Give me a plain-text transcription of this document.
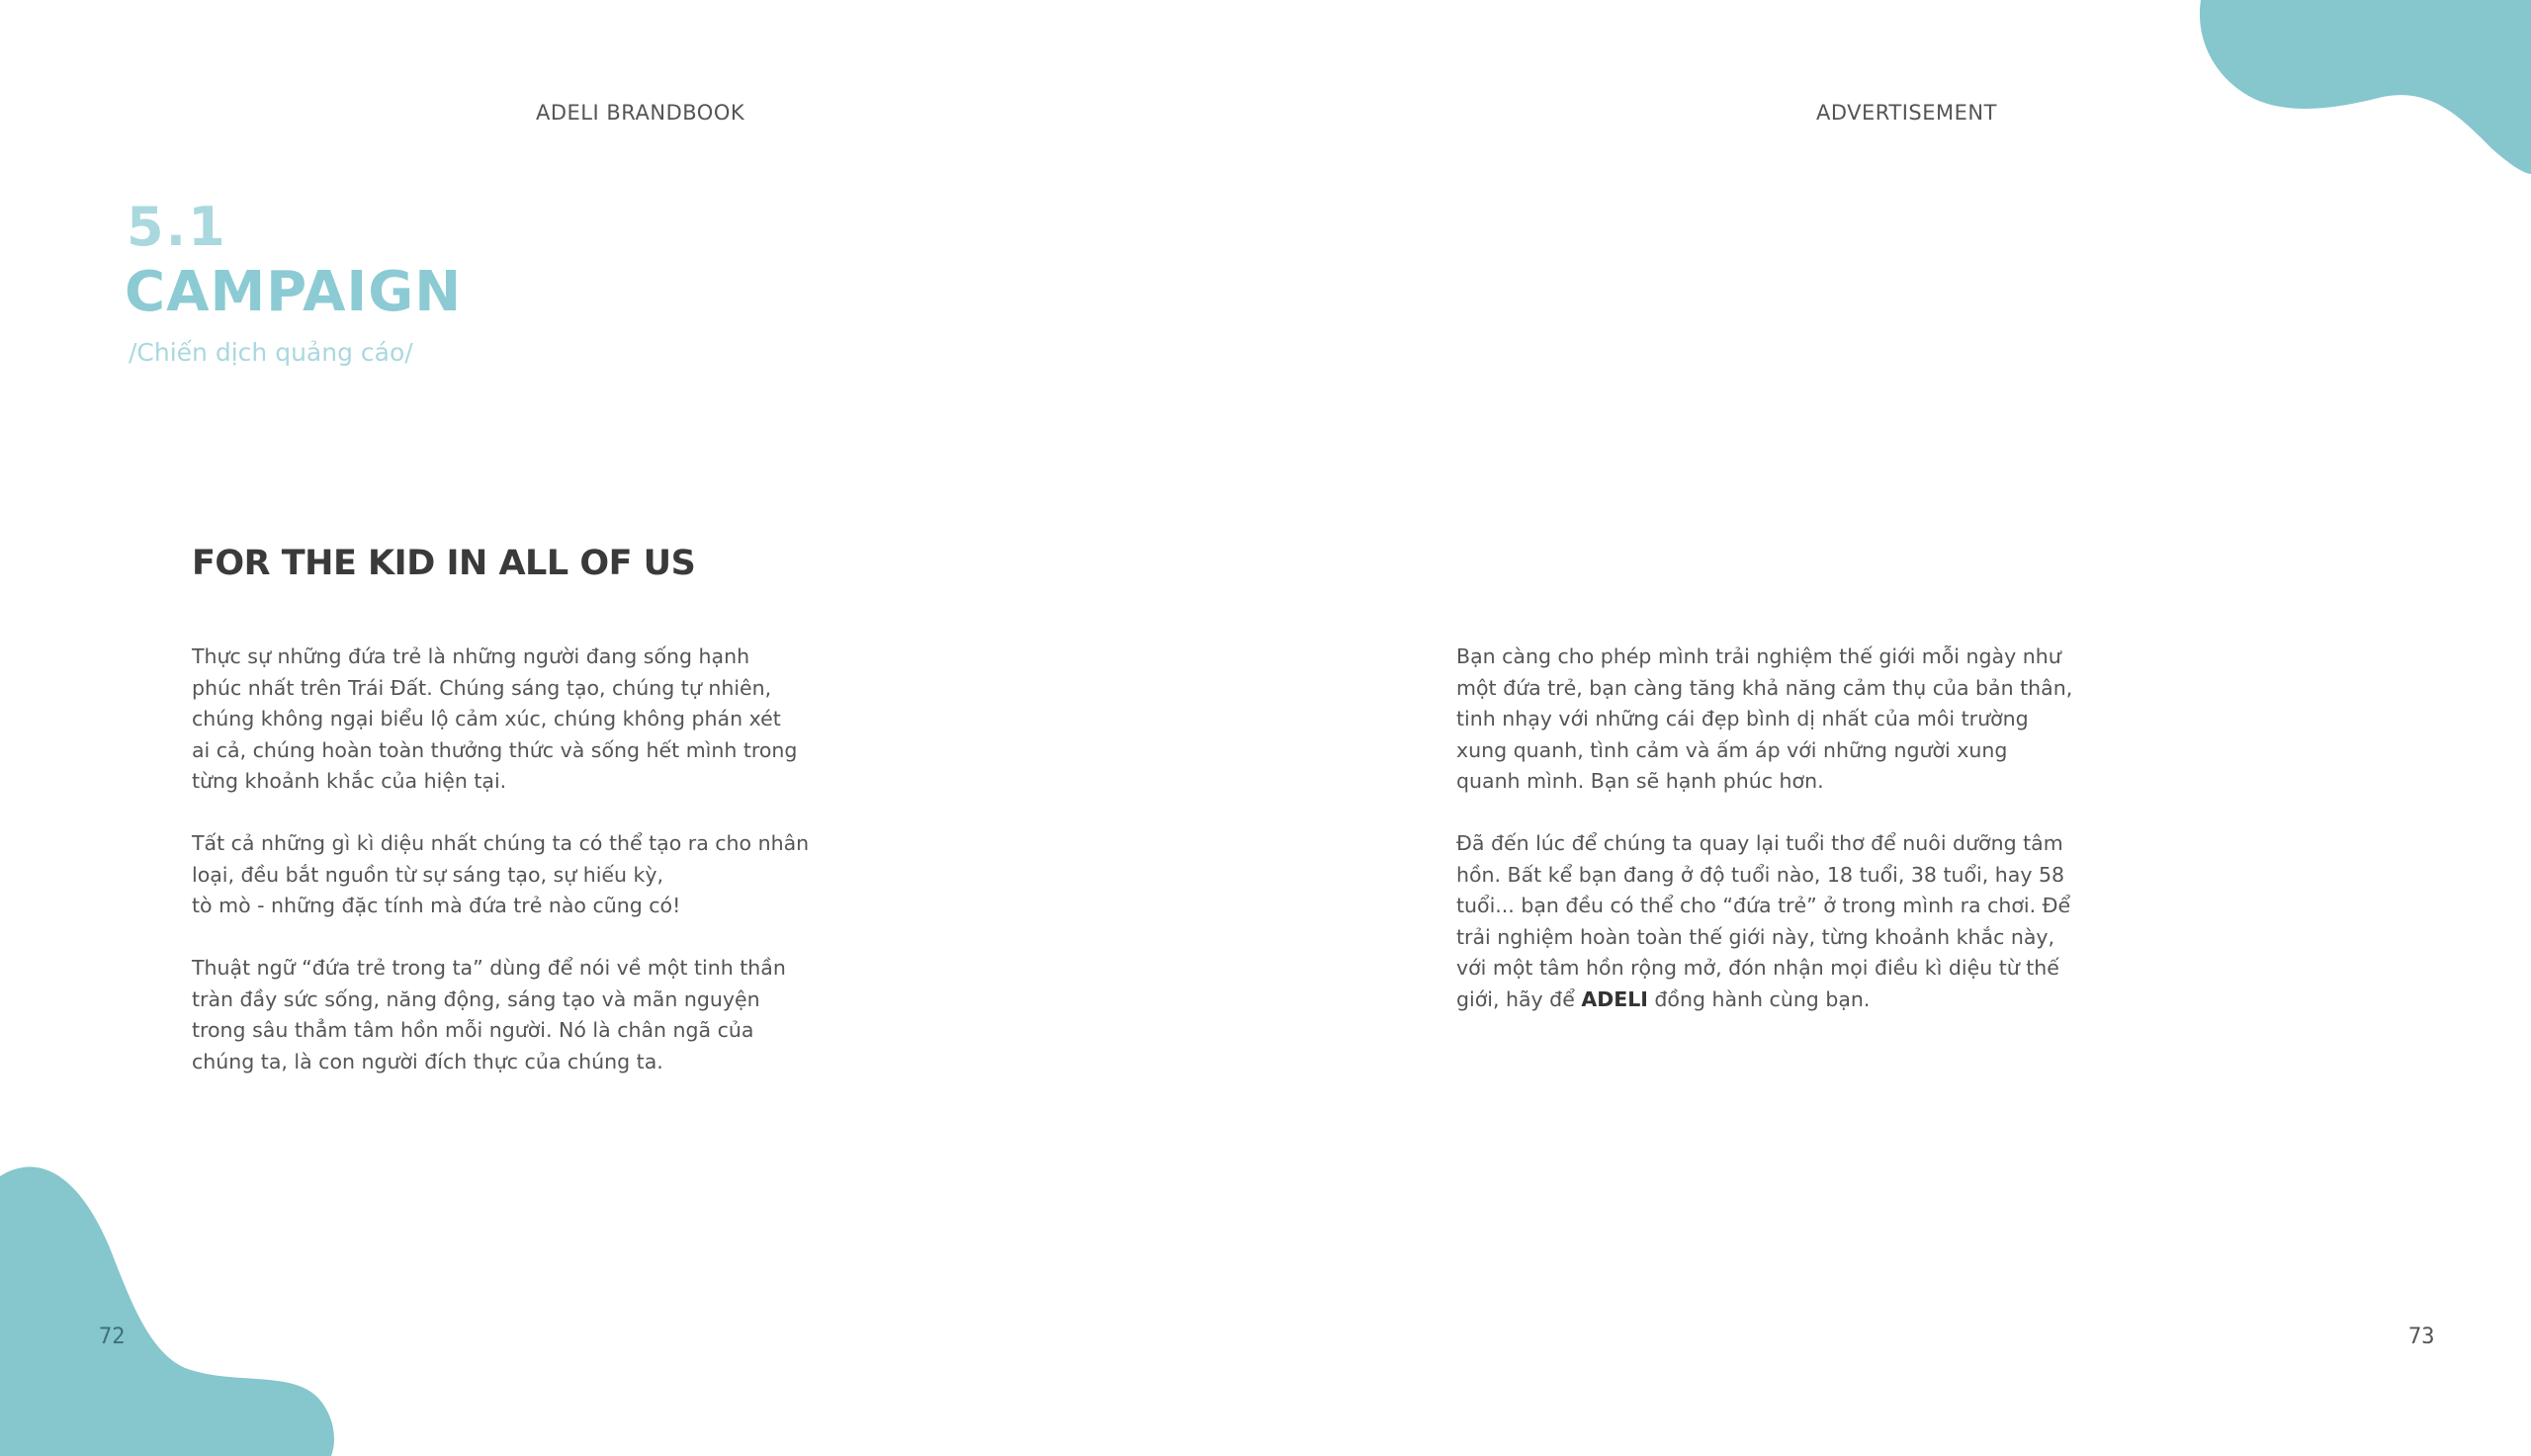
ADELI BRANDBOOK	ADVERTISEMENT
5.1
CAMPAIGN
/Chiến dịch quảng cáo/
FOR THE KID IN ALL OF US

Thực sự những đứa trẻ là những người đang sống hạnh
phúc nhất trên Trái Đất. Chúng sáng tạo, chúng tự nhiên,
chúng không ngại biểu lộ cảm xúc, chúng không phán xét
ai cả, chúng hoàn toàn thưởng thức và sống hết mình trong
từng khoảnh khắc của hiện tại.

Tất cả những gì kì diệu nhất chúng ta có thể tạo ra cho nhân
loại, đều bắt nguồn từ sự sáng tạo, sự hiếu kỳ,
tò mò - những đặc tính mà đứa trẻ nào cũng có!

Thuật ngữ “đứa trẻ trong ta” dùng để nói về một tinh thần
tràn đầy sức sống, năng động, sáng tạo và mãn nguyện
trong sâu thẳm tâm hồn mỗi người. Nó là chân ngã của
chúng ta, là con người đích thực của chúng ta.

Bạn càng cho phép mình trải nghiệm thế giới mỗi ngày như
một đứa trẻ, bạn càng tăng khả năng cảm thụ của bản thân,
tinh nhạy với những cái đẹp bình dị nhất của môi trường
xung quanh, tình cảm và ấm áp với những người xung
quanh mình. Bạn sẽ hạnh phúc hơn.

Đã đến lúc để chúng ta quay lại tuổi thơ để nuôi dưỡng tâm
hồn. Bất kể bạn đang ở độ tuổi nào, 18 tuổi, 38 tuổi, hay 58
tuổi... bạn đều có thể cho “đứa trẻ” ở trong mình ra chơi. Để
trải nghiệm hoàn toàn thế giới này, từng khoảnh khắc này,
với một tâm hồn rộng mở, đón nhận mọi điều kì diệu từ thế
giới, hãy để ADELI đồng hành cùng bạn.

72	73
